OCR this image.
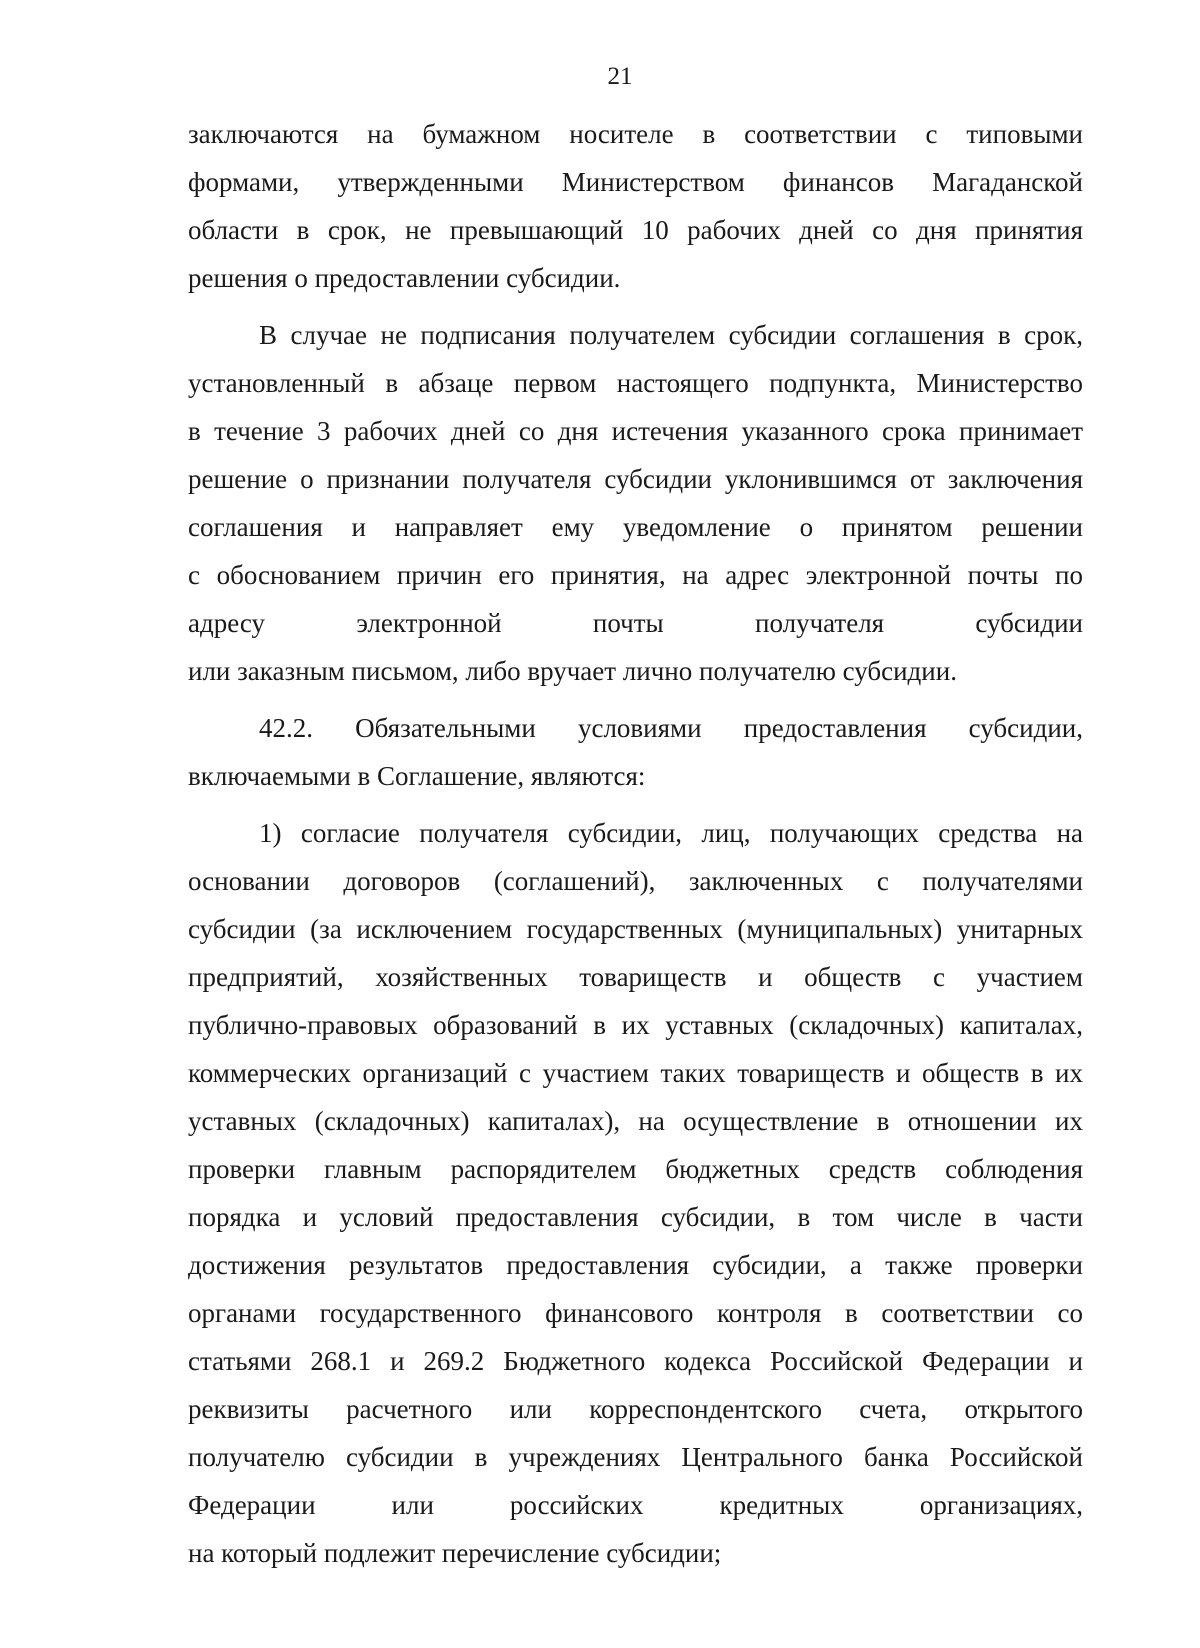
21

заключаются на бумажном носителе в соответствии с типовыми
формами, утвержденными Министерством финансов Магаданской
области в срок, не превышающий 10 рабочих дней со дня принятия
решения о предоставлении субсидии.

В случае не подписания получателем субсидии соглашения в срок,
установленный в абзаце первом настоящего подпункта, Министерство
в течение 3 рабочих дней со дня истечения указанного срока принимает
решение о признании получателя субсидии уклонившимся от заключения
соглашения и направляет ему уведомление о принятом решении
с обоснованием причин его принятия, на адрес электронной почты по
адресу электронной почты получателя субсидии
или заказным письмом, либо вручает лично получателю субсидии.

42.2. Обязательными условиями предоставления субсидии,
включаемыми в Соглашение, являются:

1) согласие получателя субсидии, лиц, получающих средства на
основании договоров (соглашений), заключенных с получателями
субсидии (за исключением государственных (муниципальных) унитарных
предприятий, хозяйственных товариществ и обществ с участием
публично-правовых образований в их уставных (складочных) капиталах,
коммерческих организаций с участием таких товариществ и обществ в их
уставных (складочных) капиталах), на осуществление в отношении их
проверки главным распорядителем бюджетных средств соблюдения
порядка и условий предоставления субсидии, в том числе в части
достижения результатов предоставления субсидии, а также проверки
органами государственного финансового контроля в соответствии со
статьями 268.1 и 269.2 Бюджетного кодекса Российской Федерации и
реквизиты расчетного или корреспондентского счета, открытого
получателю субсидии в учреждениях Центрального банка Российской
Федерации или российских кредитных организациях,
на который подлежит перечисление субсидии;
